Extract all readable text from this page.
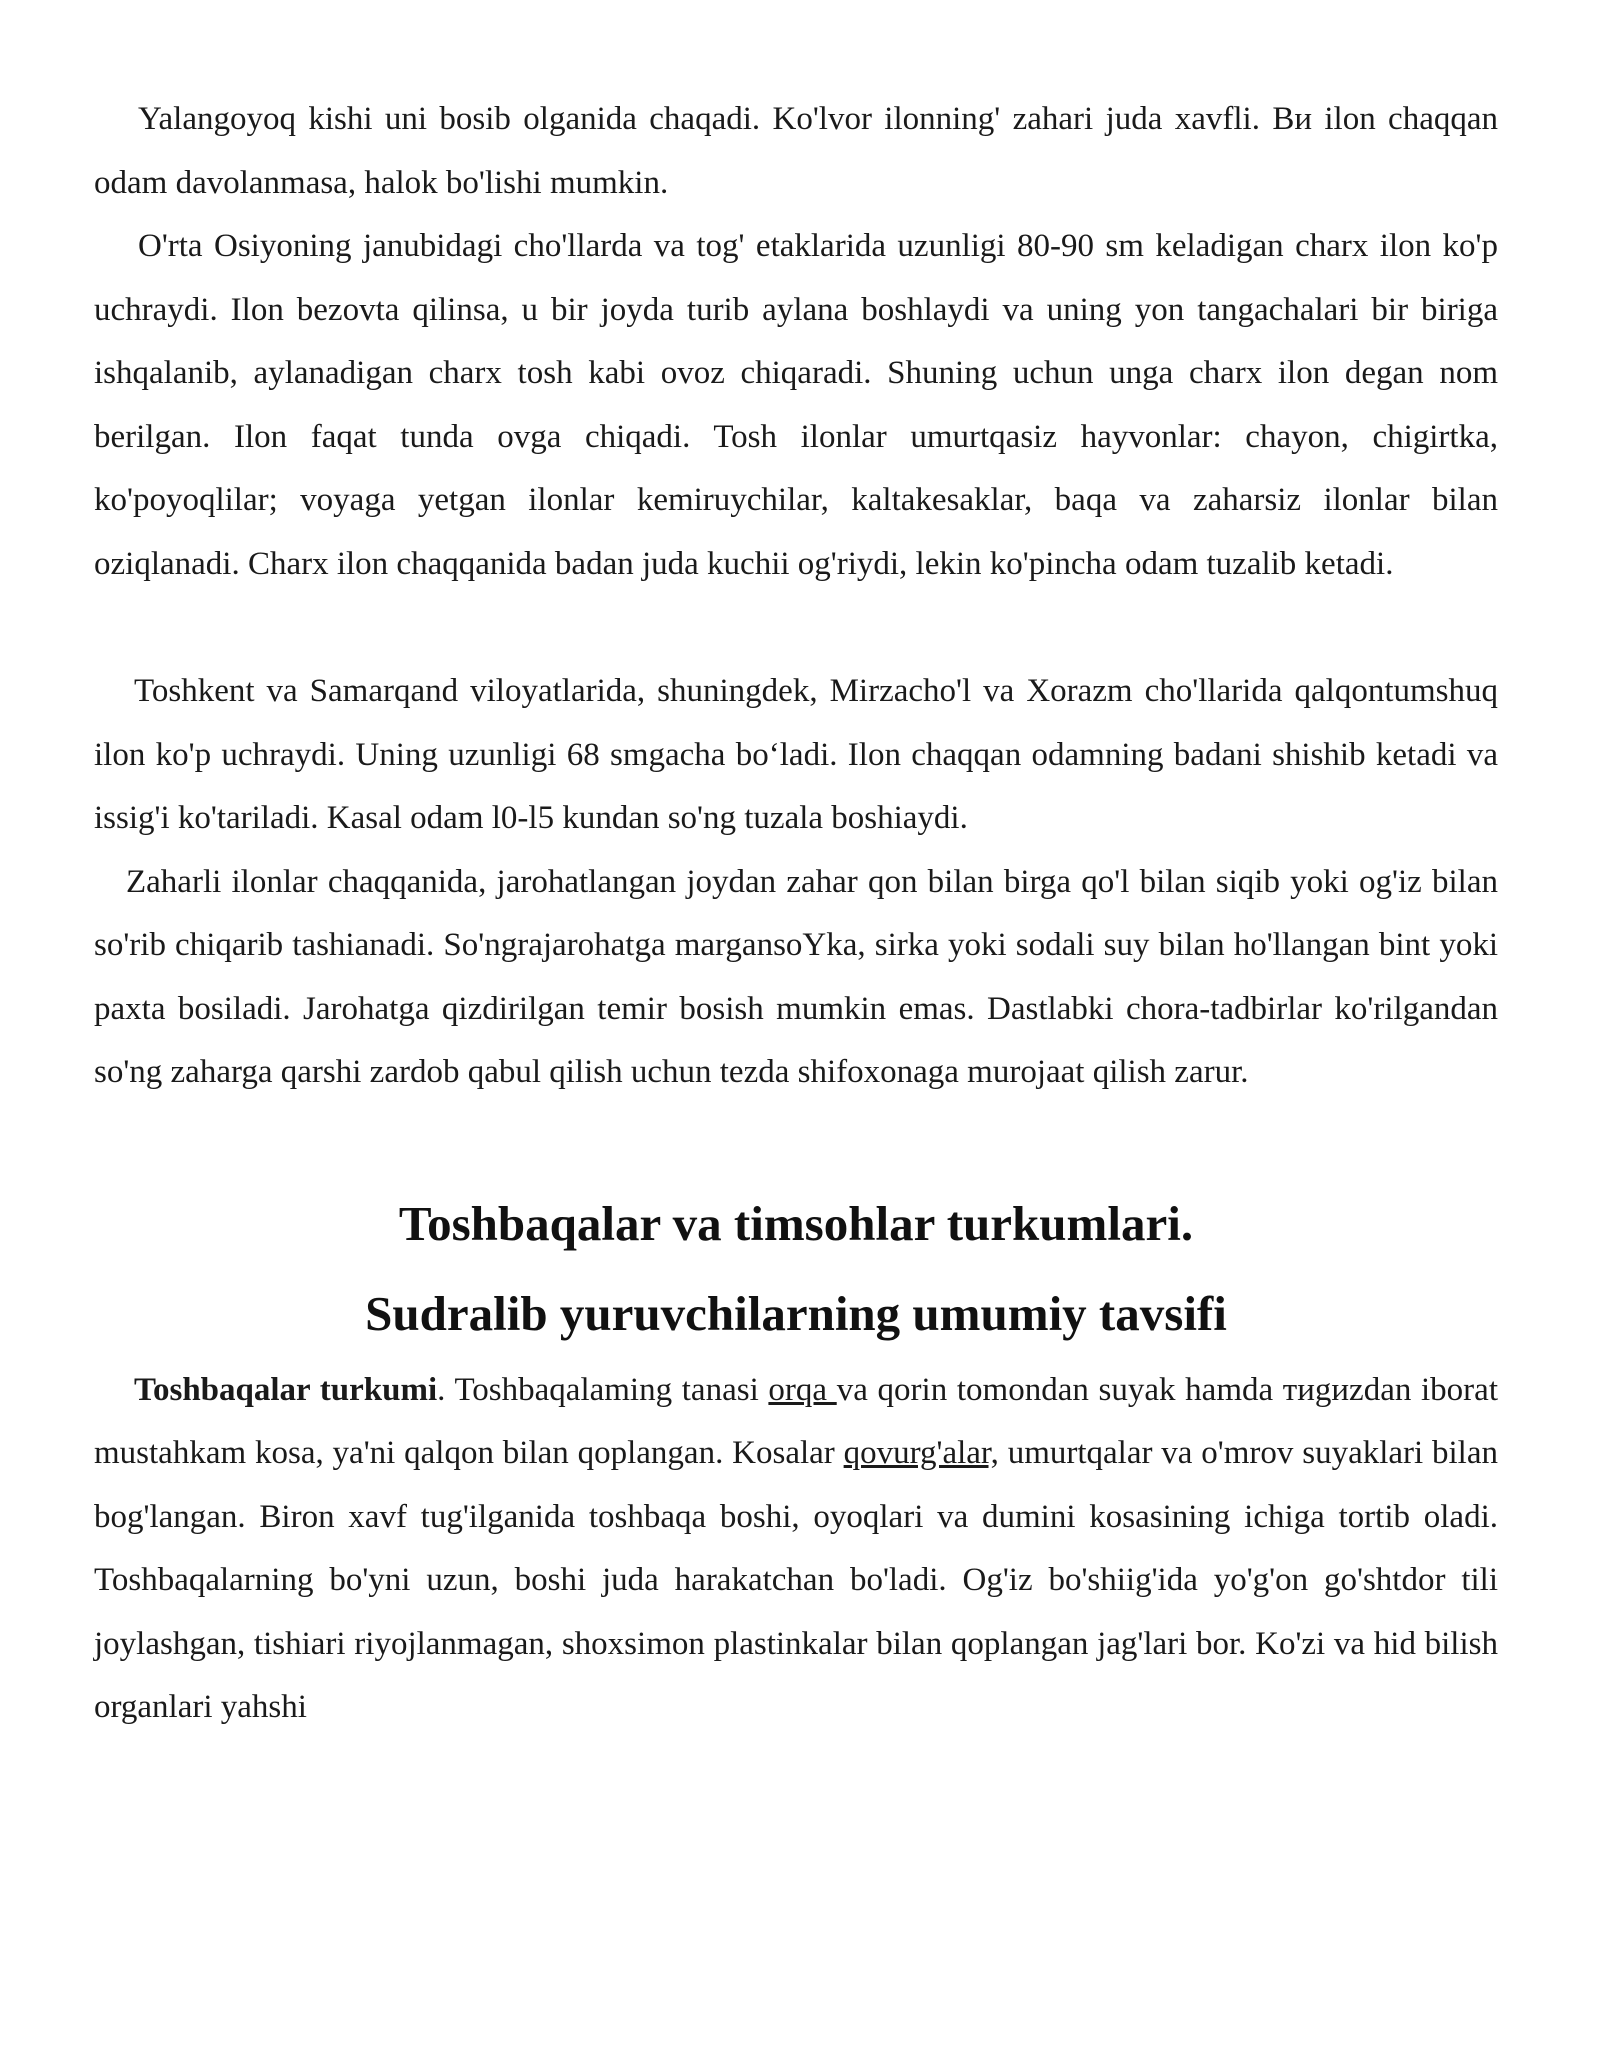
Yalangoyoq kishi uni bosib olganida chaqadi. Ko'lvor ilonning' zahari juda xavfli. Bи ilon chaqqan odam davolanmasa, halok bo'lishi mumkin.

O'rta Osiyoning janubidagi cho'llarda va tog' etaklarida uzunligi 80-90 sm keladigan charx ilon ko'p uchraydi. Ilon bezovta qilinsa, u bir joyda turib aylana boshlaydi va uning yon tangachalari bir biriga ishqalanib, aylanadigan charx tosh kabi ovoz chiqaradi. Shuning uchun unga charx ilon degan nom berilgan. Ilon faqat tunda ovga chiqadi. Tosh ilonlar umurtqasiz hayvonlar: chayon, chigirtka, ko'poyoqlilar; voyaga yetgan ilonlar kemiruychilar, kaltakesaklar, baqa va zaharsiz ilonlar bilan oziqlanadi. Charx ilon chaqqanida badan juda kuchii og'riydi, lekin ko'pincha odam tuzalib ketadi.

Toshkent va Samarqand viloyatlarida, shuningdek, Mirzacho'l va Xorazm cho'llarida qalqontumshuq ilon ko'p uchraydi. Uning uzunligi 68 smgacha bo‘ladi. Ilon chaqqan odamning badani shishib ketadi va issig'i ko'tariladi. Kasal odam l0-l5 kundan so'ng tuzala boshiaydi.

Zaharli ilonlar chaqqanida, jarohatlangan joydan zahar qon bilan birga qo'l bilan siqib yoki og'iz bilan so'rib chiqarib tashianadi. So'ngrajarohatga margansoYka, sirka yoki sodali suy bilan ho'llangan bint yoki paxta bosiladi. Jarohatga qizdirilgan temir bosish mumkin emas. Dastlabki chora-tadbirlar ko'rilgandan so'ng zaharga qarshi zardob qabul qilish uchun tezda shifoxonaga murojaat qilish zarur.

Toshbaqalar va timsohlar turkumlari.
Sudralib yuruvchilarning umumiy tavsifi

Toshbaqalar turkumi. Toshbaqalaming tanasi orqa va qorin tomondan suyak hamda тиgиzdan iborat mustahkam kosa, ya'ni qalqon bilan qoplangan. Kosalar qovurg'alar, umurtqalar va o'mrov suyaklari bilan bog'langan. Biron xavf tug'ilganida toshbaqa boshi, oyoqlari va dumini kosasining ichiga tortib oladi. Toshbaqalarning bo'yni uzun, boshi juda harakatchan bo'ladi. Og'iz bo'shiig'ida yo'g'on go'shtdor tili joylashgan, tishiari riyojlanmagan, shoxsimon plastinkalar bilan qoplangan jag'lari bor. Ko'zi va hid bilish organlari yahshi
